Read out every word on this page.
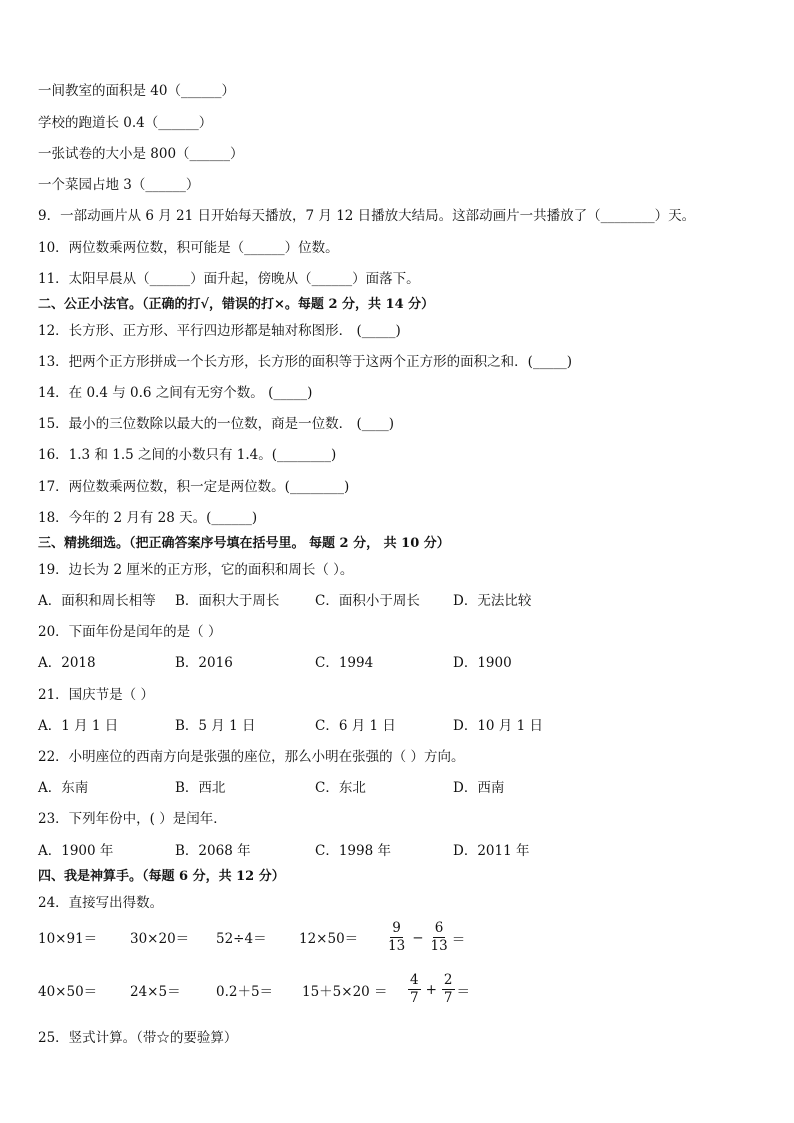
一间教室的面积是 40（______）
学校的跑道长 0.4（______）
一张试卷的大小是 800（______）
一个菜园占地 3（______）
9．一部动画片从 6 月 21 日开始每天播放，7 月 12 日播放大结局。这部动画片一共播放了（________）天。
10．两位数乘两位数，积可能是（______）位数。
11．太阳早晨从（______）面升起，傍晚从（______）面落下。
二、公正小法官。（正确的打√，错误的打×。每题 2 分，共 14 分）
12．长方形、正方形、平行四边形都是轴对称图形． (_____)
13．把两个正方形拼成一个长方形，长方形的面积等于这两个正方形的面积之和．(_____)
14．在 0.4 与 0.6 之间有无穷个数。 (_____)
15．最小的三位数除以最大的一位数，商是一位数． (____)
16．1.3 和 1.5 之间的小数只有 1.4。(________)
17．两位数乘两位数，积一定是两位数。(________)
18．今年的 2 月有 28 天。(______)
三、精挑细选。（把正确答案序号填在括号里。 每题 2 分， 共 10 分）
19．边长为 2 厘米的正方形，它的面积和周长（ ）。
A．面积和周长相等 B．面积大于周长	C．面积小于周长 D．无法比较
20．下面年份是闰年的是（ ）
A．2018	B．2016	C．1994	D．1900
21．国庆节是（ ）
A．1 月 1 日	B．5 月 1 日	C．6 月 1 日	D．10 月 1 日
22．小明座位的西南方向是张强的座位，那么小明在张强的（ ）方向。
A．东南	B．西北	C．东北	D．西南
23．下列年份中，( ）是闰年．
A．1900 年	B．2068 年	C．1998 年	D．2011 年
四、我是神算手。（每题 6 分，共 12 分）
24．直接写出得数。
$10\times 91= 30\times 20= 52\div 4= 12\times 50= \frac{9}{13} - \frac{6}{13}$ ＝
40×50＝ 24×5＝	$0.2+5= 15+5\times 20 = \frac{4}{7} + \frac{2}{7}$ ＝
25．竖式计算。（带☆的要验算）
